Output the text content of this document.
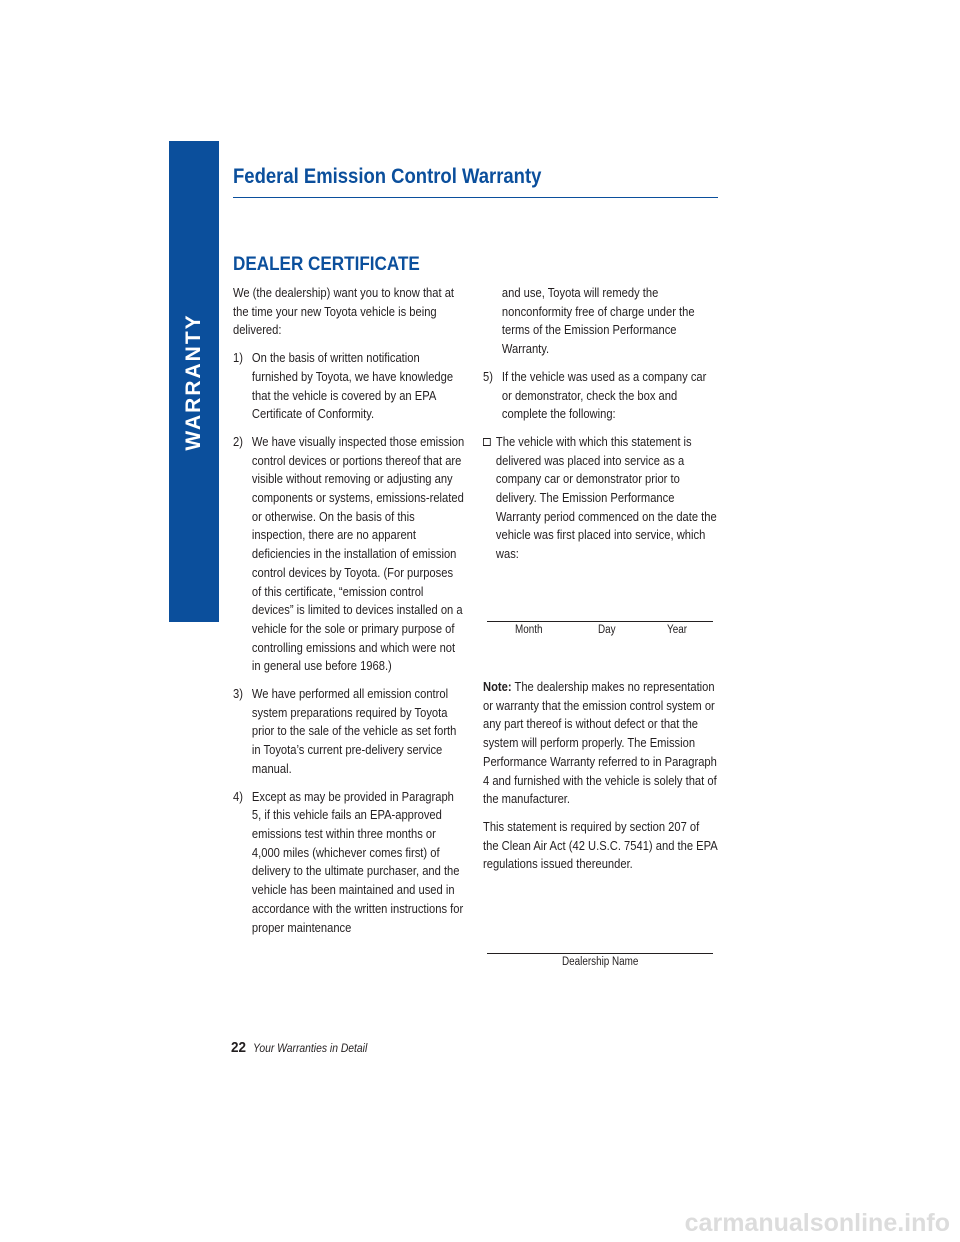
WARRANTY
Federal Emission Control Warranty
DEALER CERTIFICATE

We (the dealership) want you to know that at the time your new Toyota vehicle is being delivered:

1) On the basis of written notification furnished by Toyota, we have knowledge that the vehicle is covered by an EPA Certificate of Conformity.
2) We have visually inspected those emission control devices or portions thereof that are visible without removing or adjusting any components or systems, emissions-related or otherwise. On the basis of this inspection, there are no apparent deficiencies in the installation of emission control devices by Toyota. (For purposes of this certificate, “emission control devices” is limited to devices installed on a vehicle for the sole or primary purpose of controlling emissions and which were not in general use before 1968.)
3) We have performed all emission control system preparations required by Toyota prior to the sale of the vehicle as set forth in Toyota’s current pre-delivery service manual.
4) Except as may be provided in Paragraph 5, if this vehicle fails an EPA-approved emissions test within three months or 4,000 miles (whichever comes first) of delivery to the ultimate purchaser, and the vehicle has been maintained and used in accordance with the written instructions for proper maintenance
and use, Toyota will remedy the nonconformity free of charge under the terms of the Emission Performance Warranty.
5) If the vehicle was used as a company car or demonstrator, check the box and complete the following:
The vehicle with which this statement is delivered was placed into service as a company car or demonstrator prior to delivery. The Emission Performance Warranty period commenced on the date the vehicle was first placed into service, which was:
Month	Day	Year

Note: The dealership makes no representation or warranty that the emission control system or any part thereof is without defect or that the system will perform properly. The Emission Performance Warranty referred to in Paragraph 4 and furnished with the vehicle is solely that of the manufacturer.

This statement is required by section 207 of the Clean Air Act (42 U.S.C. 7541) and the EPA regulations issued thereunder.

Dealership Name
22 Your Warranties in Detail
carmanualsonline.info
